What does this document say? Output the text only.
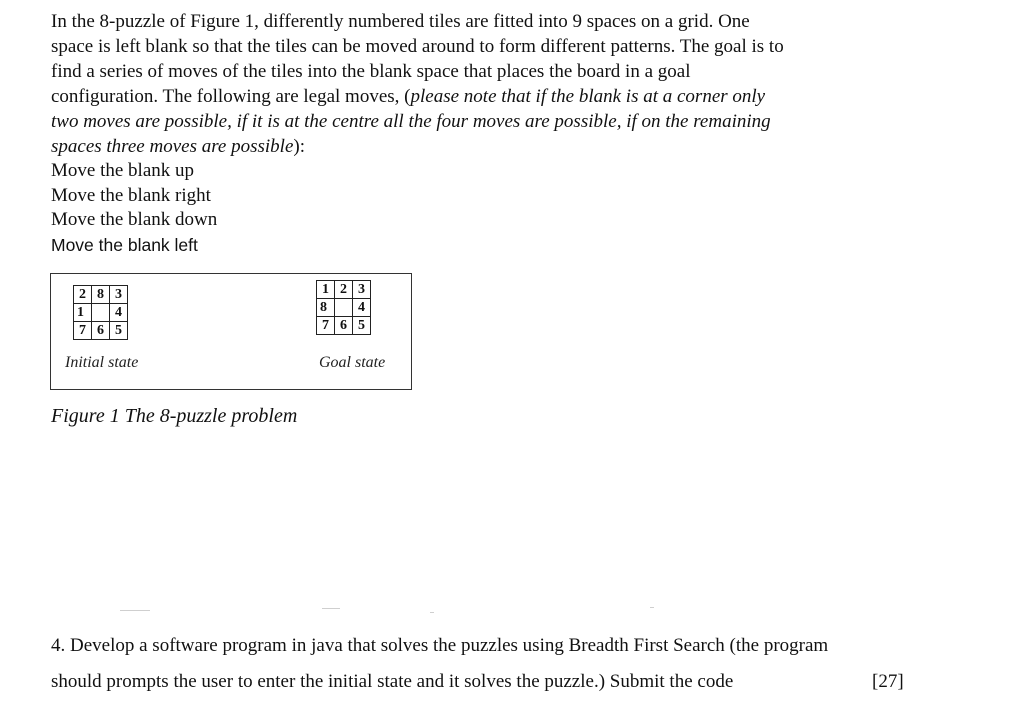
In the 8-puzzle of Figure 1, differently numbered tiles are fitted into 9 spaces on a grid. One

space is left blank so that the tiles can be moved around to form different patterns. The goal is to

find a series of moves of the tiles into the blank space that places the board in a goal

configuration. The following are legal moves, (please note that if the blank is at a corner only

two moves are possible, if it is at the centre all the four moves are possible, if on the remaining

spaces three moves are possible):

Move the blank up
Move the blank right
Move the blank down
Move the blank left
2	8	3
1		4
7	6	5
Initial state
1	2	3
8		4
7	6	5
Goal state
Figure 1 The 8-puzzle problem
4. Develop a software program in java that solves the puzzles using Breadth First Search (the program
should prompts the user to enter the initial state and it solves the puzzle.) Submit the code	[27]
